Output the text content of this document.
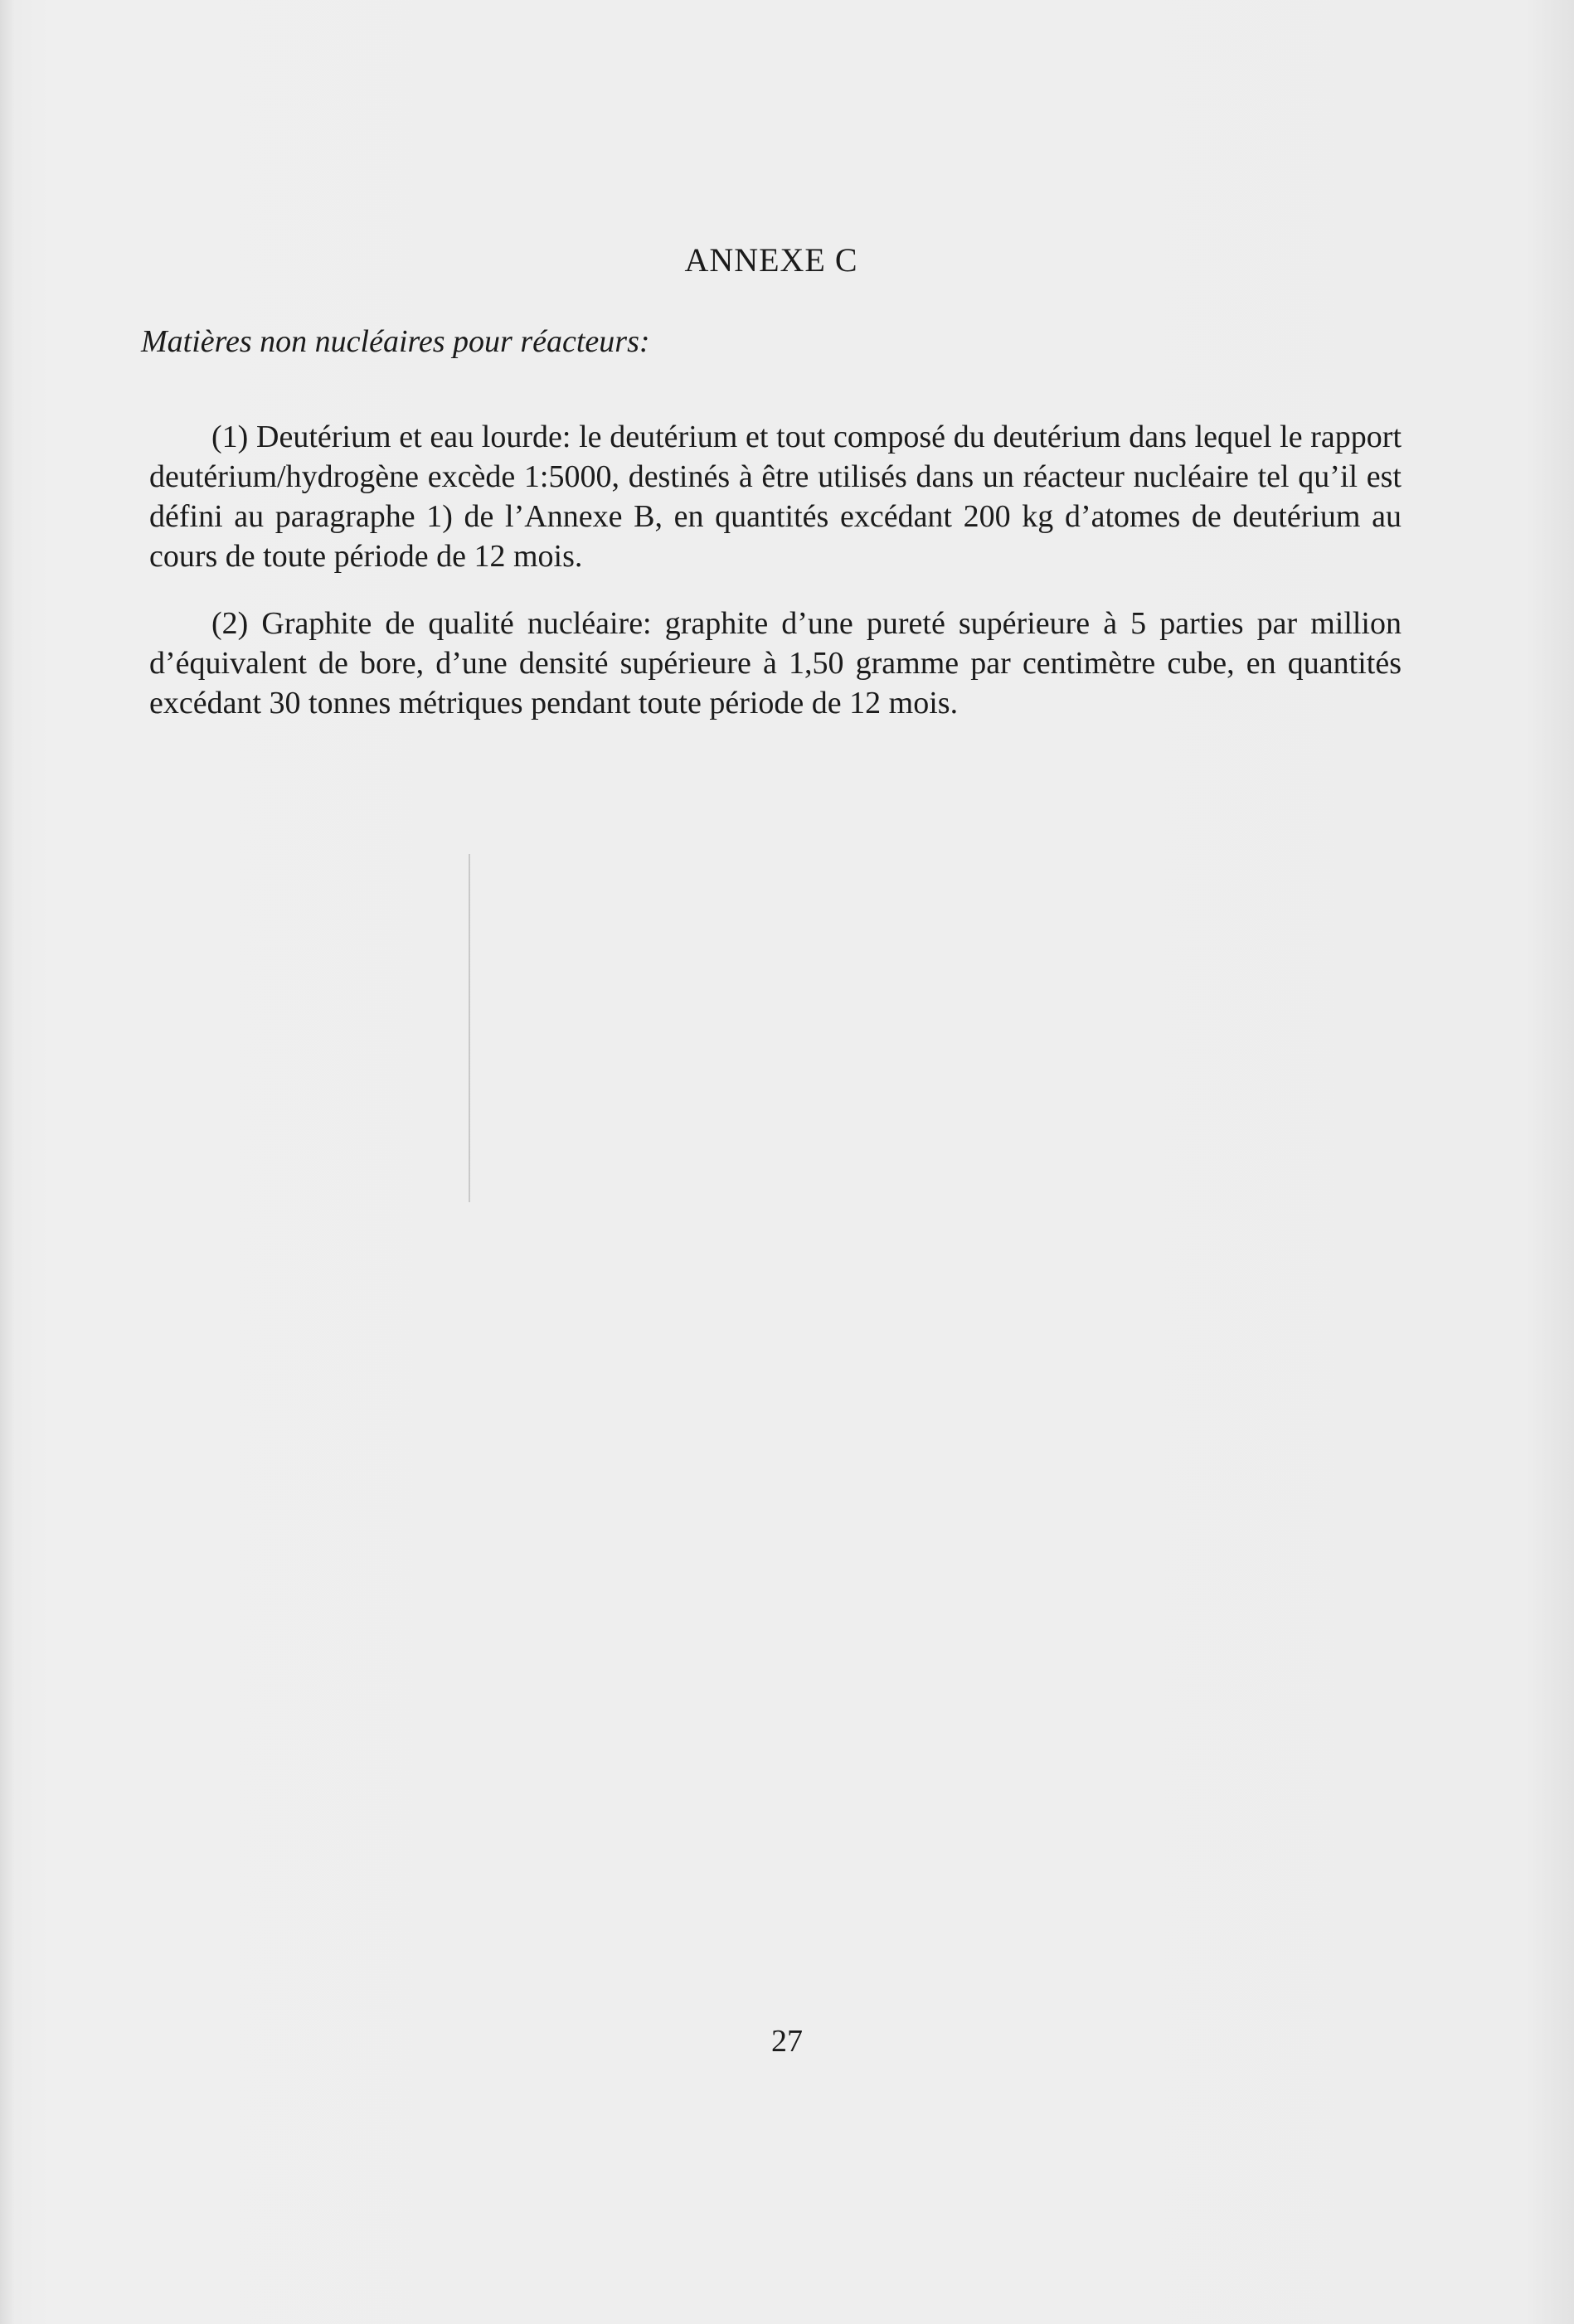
ANNEXE C
Matières non nucléaires pour réacteurs:

(1) Deutérium et eau lourde: le deutérium et tout composé du deutérium dans lequel le rapport deutérium/hydrogène excède 1:5000, destinés à être utilisés dans un réacteur nucléaire tel qu’il est défini au paragraphe 1) de l’Annexe B, en quantités excédant 200 kg d’atomes de deutérium au cours de toute période de 12 mois.

(2) Graphite de qualité nucléaire: graphite d’une pureté supérieure à 5 parties par million d’équivalent de bore, d’une densité supérieure à 1,50 gramme par centimètre cube, en quantités excédant 30 tonnes métriques pendant toute période de 12 mois.

27
